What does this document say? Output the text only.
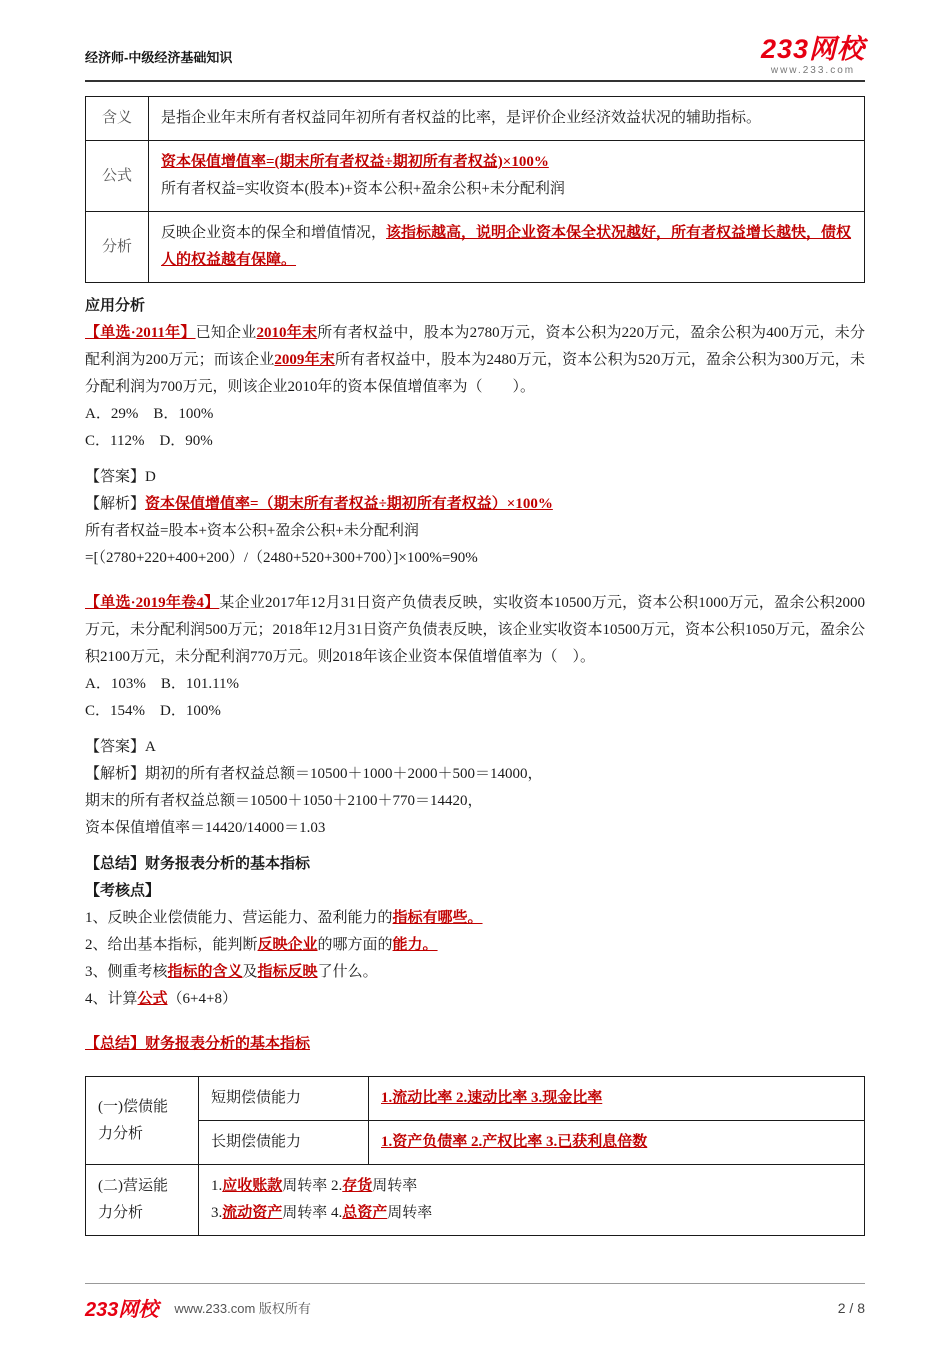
经济师-中级经济基础知识	233网校
www.233.com
含义	是指企业年末所有者权益同年初所有者权益的比率，是评价企业经济效益状况的辅助指标。

公式	资本保值增值率=(期末所有者权益÷期初所有者权益)×100%
所有者权益=实收资本(股本)+资本公积+盈余公积+未分配利润

分析	反映企业资本的保全和增值情况，该指标越高，说明企业资本保全状况越好，所有者权益增长越快，债权人的权益越有保障。
应用分析
【单选·2011年】已知企业2010年末所有者权益中，股本为2780万元，资本公积为220万元，盈余公积为400万元，未分配利润为200万元；而该企业2009年末所有者权益中，股本为2480万元，资本公积为520万元，盈余公积为300万元，未分配利润为700万元，则该企业2010年的资本保值增值率为（　　）。
A．29%　B．100%
C．112%　D．90%
【答案】D
【解析】资本保值增值率=（期末所有者权益÷期初所有者权益）×100%
所有者权益=股本+资本公积+盈余公积+未分配利润
=[（2780+220+400+200）/（2480+520+300+700）]×100%=90%
【单选·2019年卷4】某企业2017年12月31日资产负债表反映，实收资本10500万元，资本公积1000万元，盈余公积2000万元，未分配利润500万元；2018年12月31日资产负债表反映，该企业实收资本10500万元，资本公积1050万元，盈余公积2100万元，未分配利润770万元。则2018年该企业资本保值增值率为（　）。
A．103%　B．101.11%
C．154%　D．100%
【答案】A
【解析】期初的所有者权益总额＝10500＋1000＋2000＋500＝14000，
期末的所有者权益总额＝10500＋1050＋2100＋770＝14420，
资本保值增值率＝14420/14000＝1.03
【总结】财务报表分析的基本指标
【考核点】
1、反映企业偿债能力、营运能力、盈利能力的指标有哪些。
2、给出基本指标，能判断反映企业的哪方面的能力。
3、侧重考核指标的含义及指标反映了什么。
4、计算公式（6+4+8）
【总结】财务报表分析的基本指标
(一)偿债能力分析	短期偿债能力	1.流动比率 2.速动比率 3.现金比率
	长期偿债能力	1.资产负债率 2.产权比率 3.已获利息倍数
(二)营运能力分析	1.应收账款周转率 2.存货周转率
3.流动资产周转率 4.总资产周转率	
233网校 www.233.com 版权所有	2 / 8
